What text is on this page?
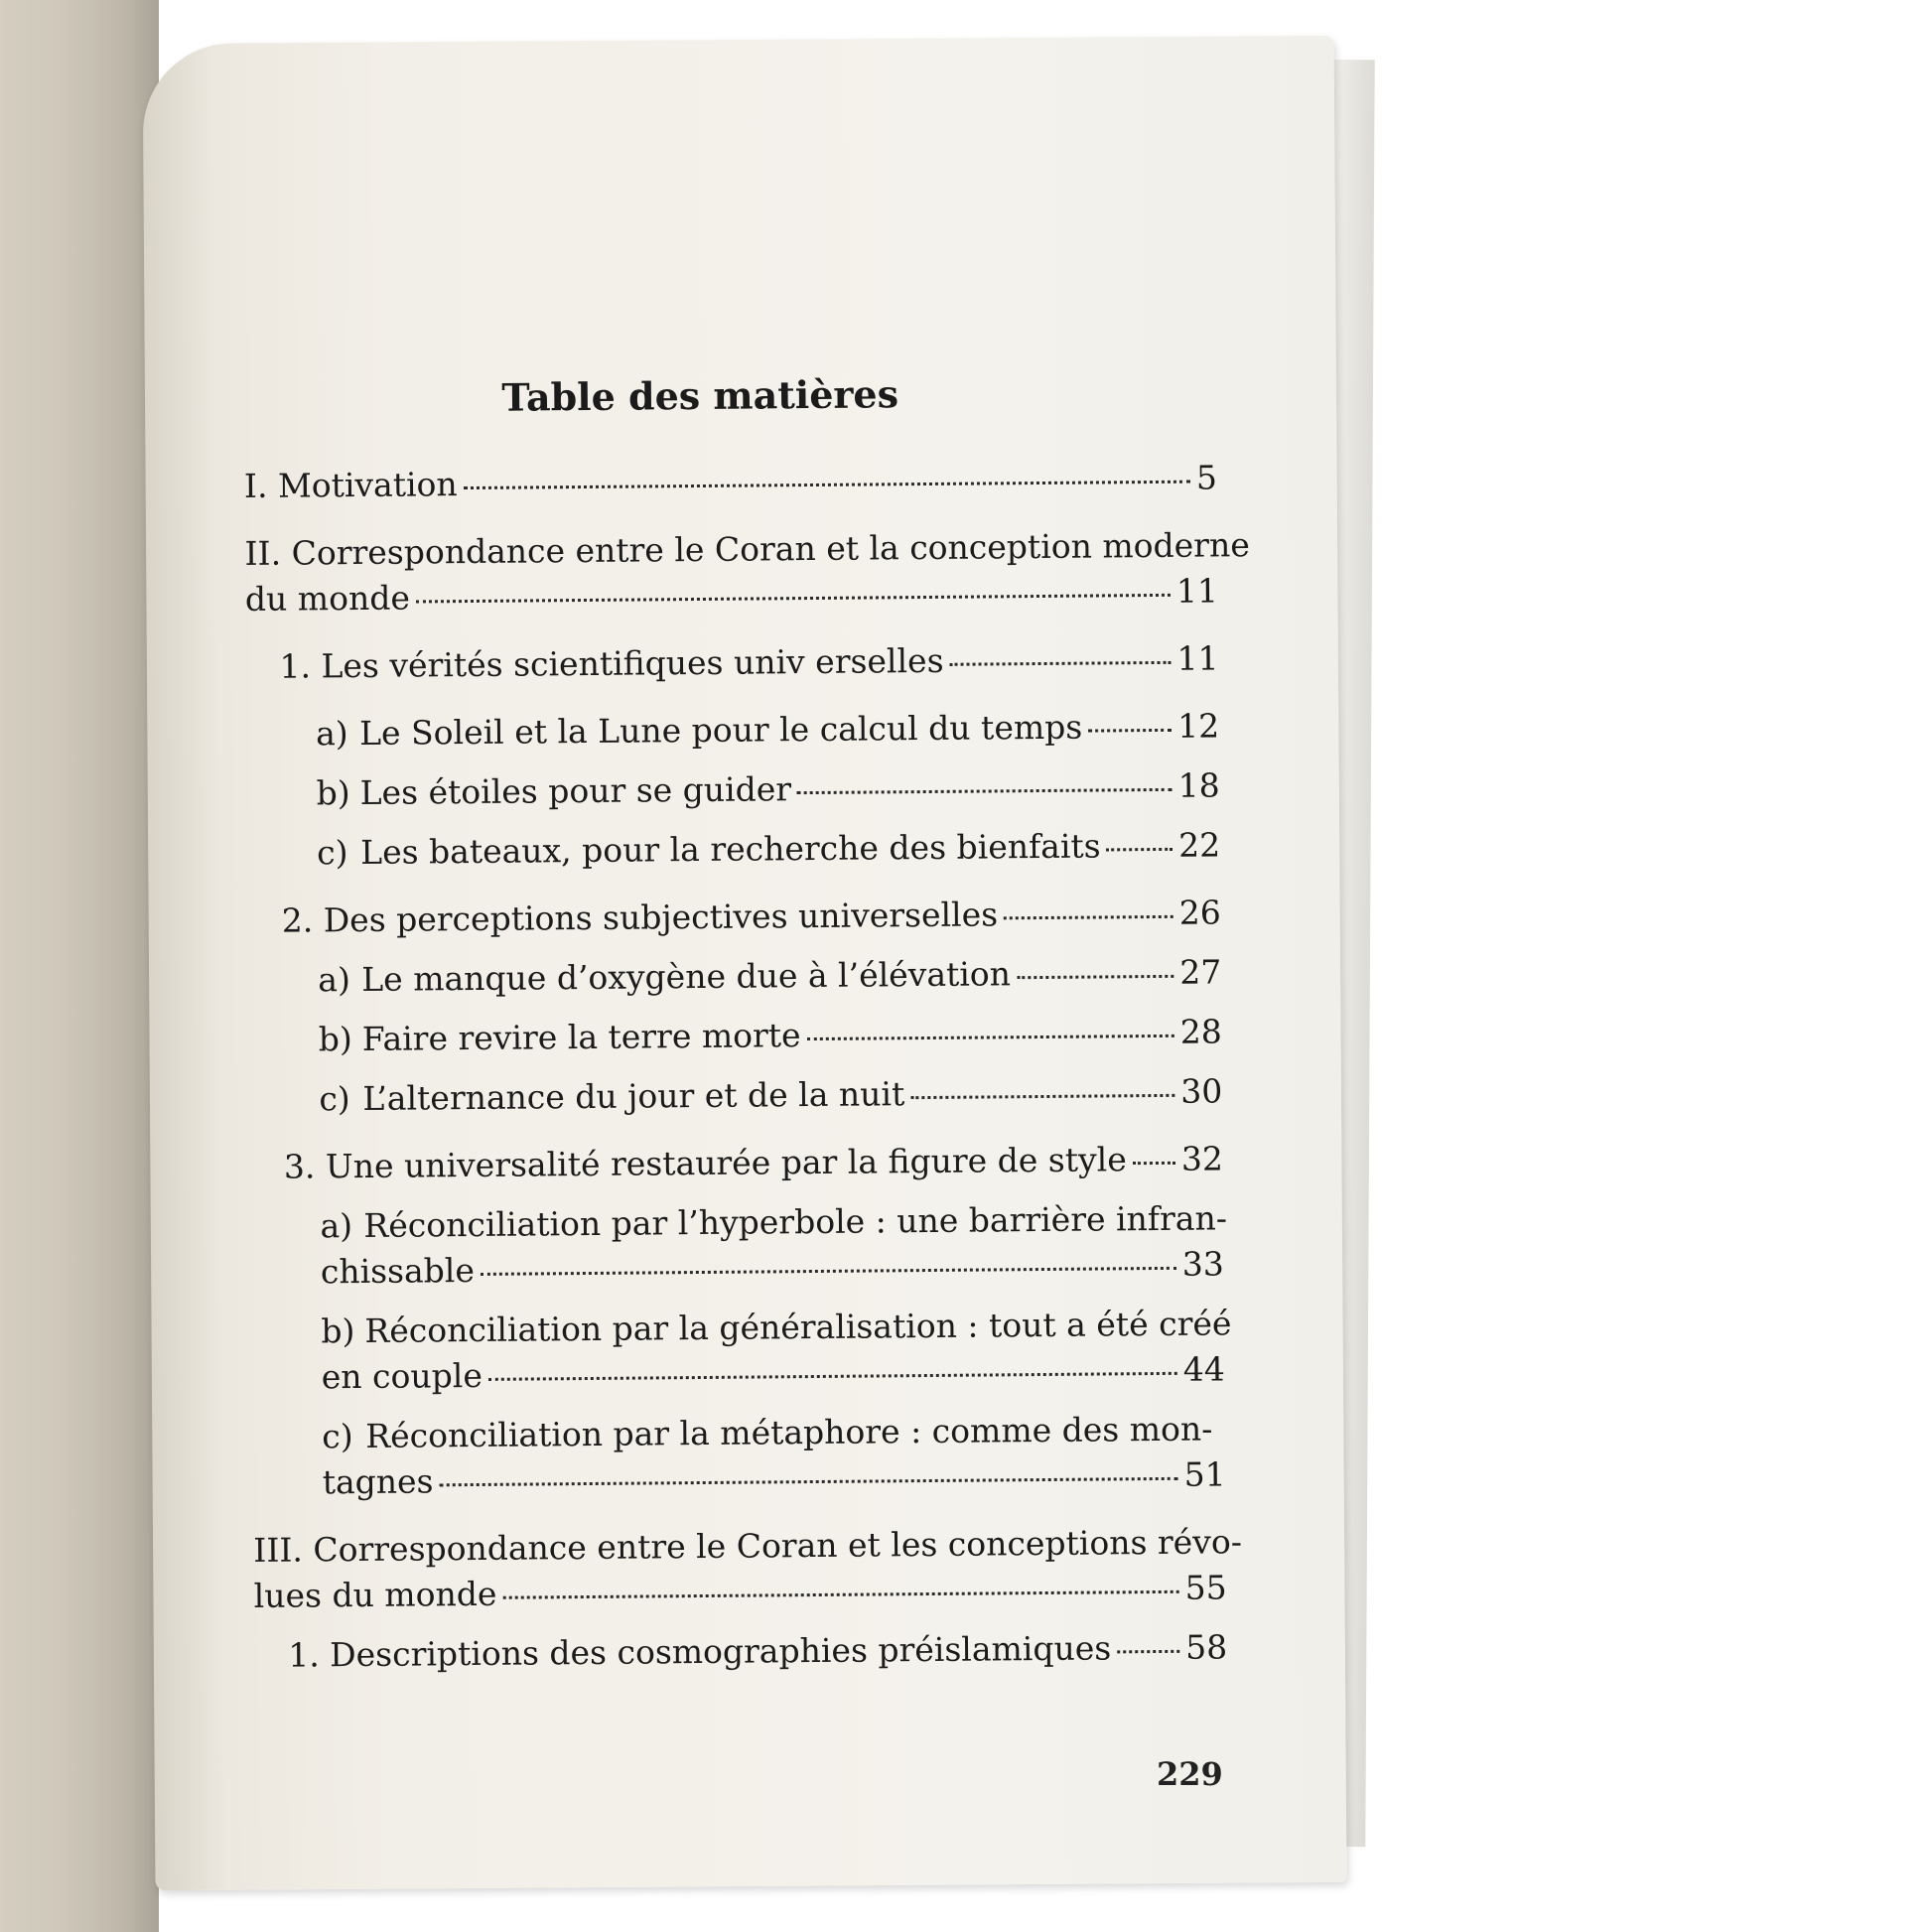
Table des matières
I. Motivation	5
II. Correspondance entre le Coran et la conception moderne
du monde	11
1. Les vérités scientifiques univ erselles	11
a) Le Soleil et la Lune pour le calcul du temps	12
b) Les étoiles pour se guider	18
c) Les bateaux, pour la recherche des bienfaits 22
2. Des perceptions subjectives universelles	26
a) Le manque d’oxygène due à l’élévation	27
b) Faire revire la terre morte	28
c) L’alternance du jour et de la nuit	30
3. Une universalité restaurée par la figure de style 32
a) Réconciliation par l’hyperbole : une barrière infran-
chissable	33
b) Réconciliation par la généralisation : tout a été créé
en couple	44
c) Réconciliation par la métaphore : comme des mon-
tagnes	51
III. Correspondance entre le Coran et les conceptions révo-
lues du monde	55
1. Descriptions des cosmographies préislamiques 58
229
